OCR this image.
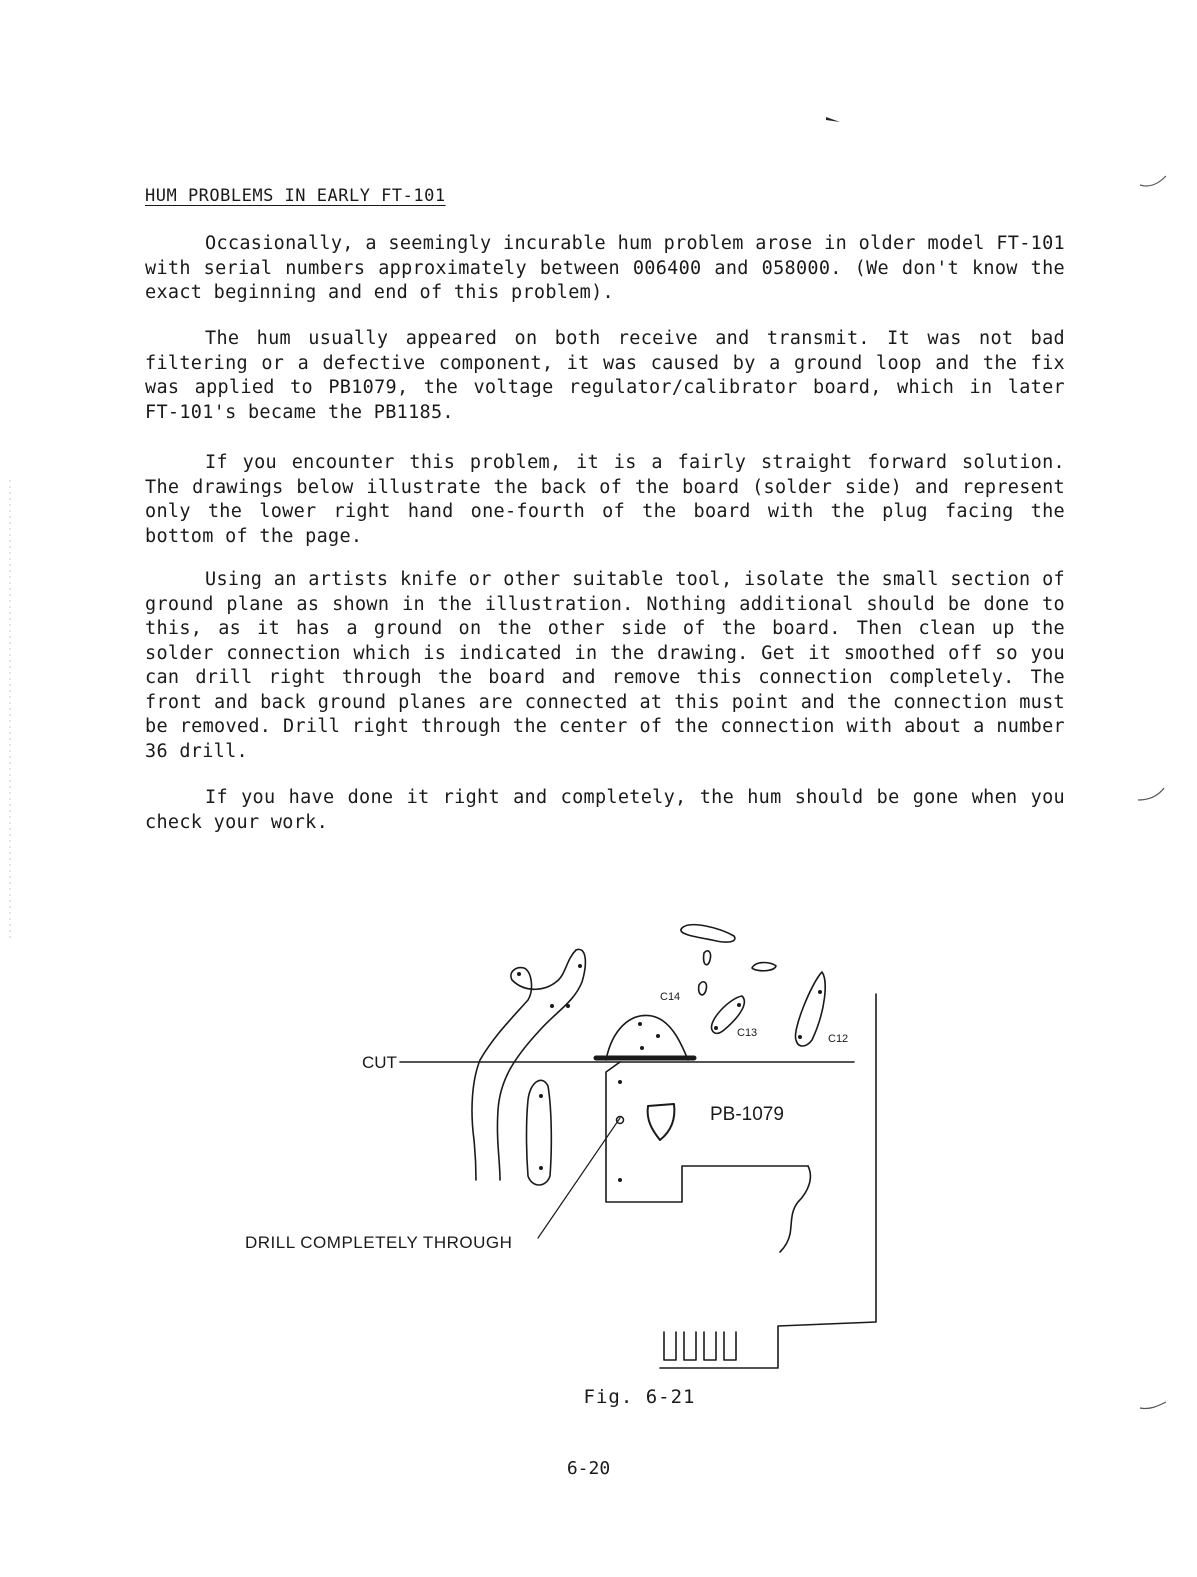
HUM PROBLEMS IN EARLY FT-101

Occasionally, a seemingly incurable hum problem arose in older model FT-101 with serial numbers approximately between 006400 and 058000. (We don't know the exact beginning and end of this problem).

The hum usually appeared on both receive and transmit. It was not bad filtering or a defective component, it was caused by a ground loop and the fix was applied to PB1079, the voltage regulator/calibrator board, which in later FT-101's became the PB1185.

If you encounter this problem, it is a fairly straight forward solution. The drawings below illustrate the back of the board (solder side) and represent only the lower right hand one-fourth of the board with the plug facing the bottom of the page.

Using an artists knife or other suitable tool, isolate the small section of ground plane as shown in the illustration. Nothing additional should be done to this, as it has a ground on the other side of the board. Then clean up the solder connection which is indicated in the drawing. Get it smoothed off so you can drill right through the board and remove this connection completely. The front and back ground planes are connected at this point and the connection must be removed. Drill right through the center of the connection with about a number 36 drill.

If you have done it right and completely, the hum should be gone when you check your work.

CUT
DRILL COMPLETELY THROUGH
PB-1079
C14
C13	C12
Fig. 6-21
6-20
